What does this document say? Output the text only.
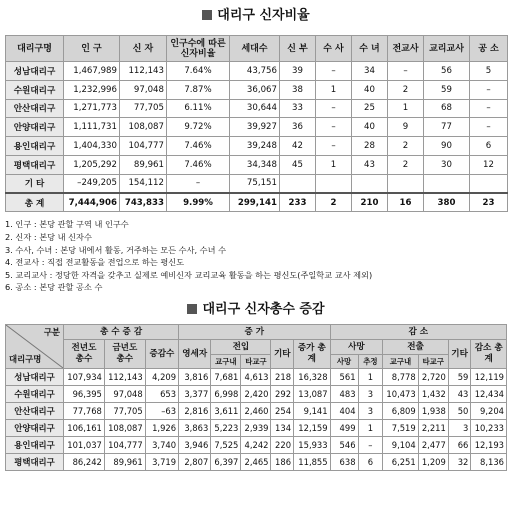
대리구 신자비율
대리구명	인 구	신 자	인구수에 따른 신자비율	세대수	신 부	수 사	수 녀	전교사	교리교사	공 소
성남대리구	1,467,989	112,143	7.64%	43,756	39	–	34	–	56	5
수원대리구	1,232,996	97,048	7.87%	36,067	38	1	40	2	59	–
안산대리구	1,271,773	77,705	6.11%	30,644	33	–	25	1	68	–
안양대리구	1,111,731	108,087	9.72%	39,927	36	–	40	9	77	–
용인대리구	1,404,330	104,777	7.46%	39,248	42	–	28	2	90	6
평택대리구	1,205,292	89,961	7.46%	34,348	45	1	43	2	30	12
기 타	–249,205	154,112	–	75,151						
총 계	7,444,906	743,833	9.99%	299,141	233	2	210	16	380	23
1. 인구 : 본당 관할 구역 내 인구수
2. 신자 : 본당 내 신자수
3. 수사, 수녀 : 본당 내에서 활동, 거주하는 모든 수사, 수녀 수
4. 전교사 : 직접 전교활동을 전업으로 하는 평신도
5. 교리교사 : 정당한 자격을 갖추고 실제로 예비신자 교리교육 활동을 하는 평신도(주일학교 교사 제외)
6. 공소 : 본당 관할 공소 수
대리구 신자총수 증감
구분
대리구명	총 수 증 감			증 가					감 소					
	전년도 총수	금년도 총수	증감수	영세자	전입		기타	증가 총계	사망		전출		기타	감소 총계
					교구내	타교구			사망	추정	교구내	타교구		
성남대리구	107,934	112,143	4,209	3,816	7,681	4,613	218	16,328	561	1	8,778	2,720	59	12,119
수원대리구	96,395	97,048	653	3,377	6,998	2,420	292	13,087	483	3	10,473	1,432	43	12,434
안산대리구	77,768	77,705	–63	2,816	3,611	2,460	254	9,141	404	3	6,809	1,938	50	9,204
안양대리구	106,161	108,087	1,926	3,863	5,223	2,939	134	12,159	499	1	7,519	2,211	3	10,233
용인대리구	101,037	104,777	3,740	3,946	7,525	4,242	220	15,933	546	–	9,104	2,477	66	12,193
평택대리구	86,242	89,961	3,719	2,807	6,397	2,465	186	11,855	638	6	6,251	1,209	32	8,136
